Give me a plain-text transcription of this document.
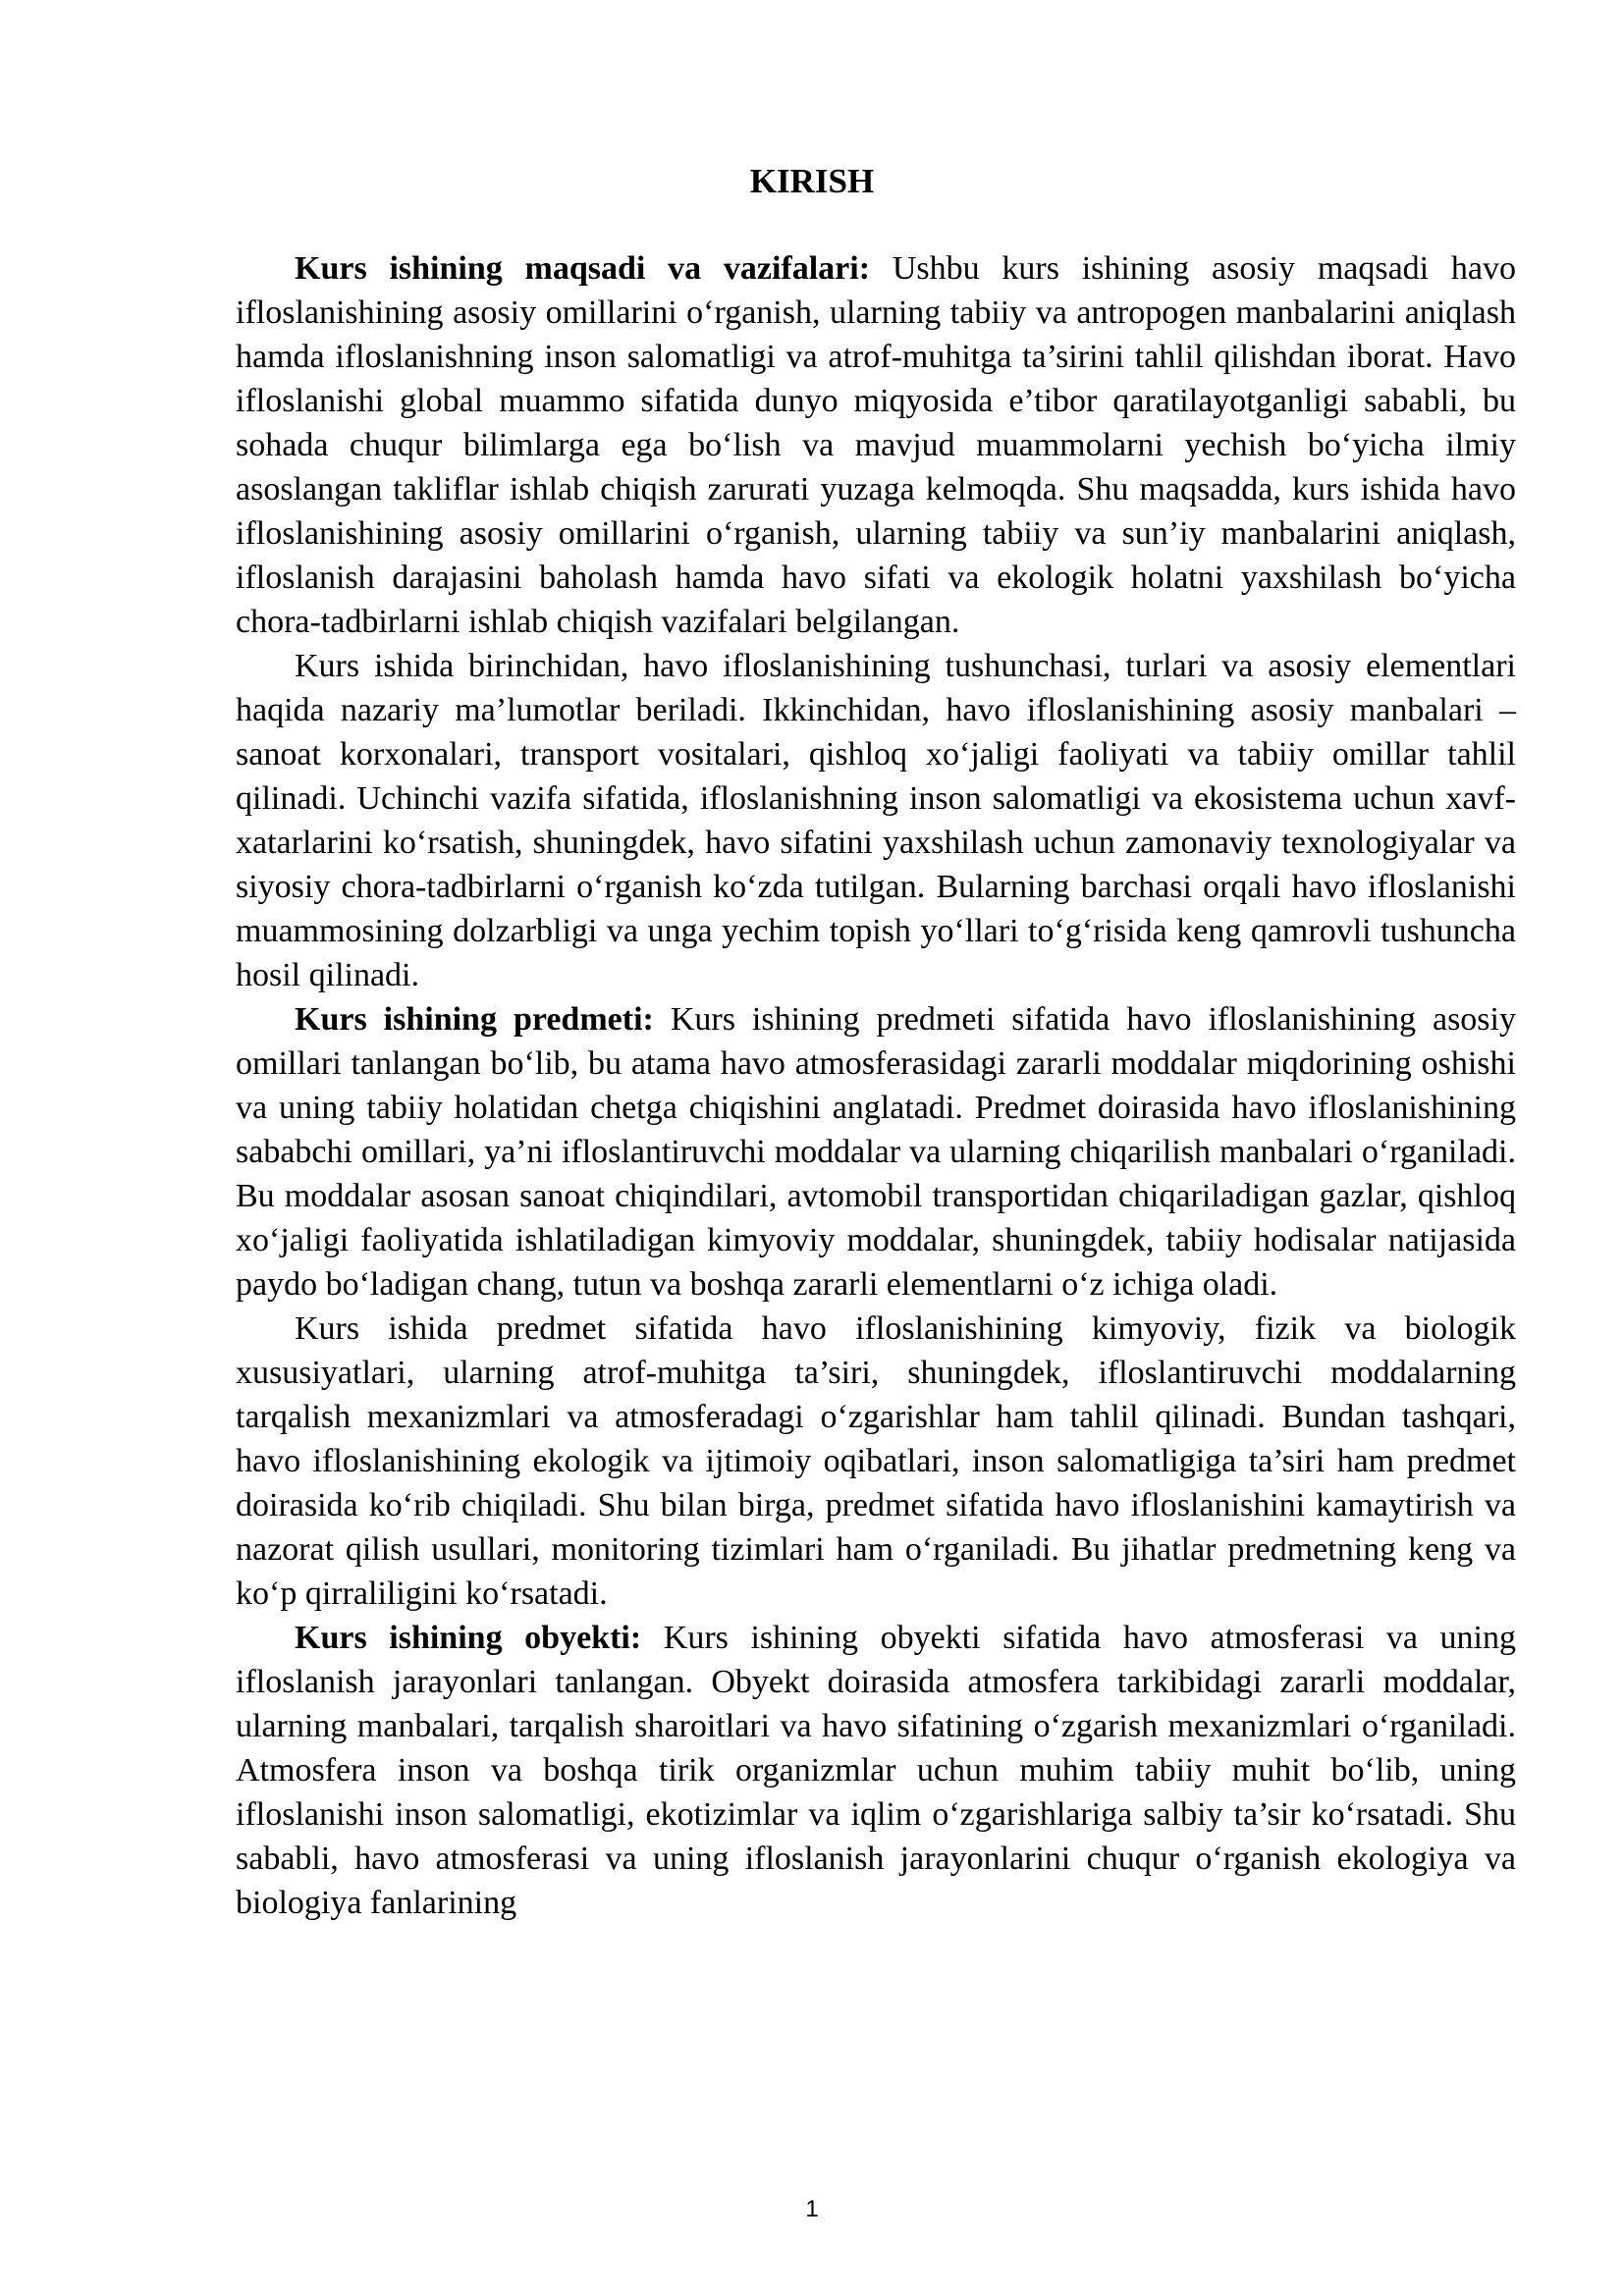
KIRISH

Kurs ishining maqsadi va vazifalari: Ushbu kurs ishining asosiy maqsadi havo ifloslanishining asosiy omillarini o‘rganish, ularning tabiiy va antropogen manbalarini aniqlash hamda ifloslanishning inson salomatligi va atrof-muhitga ta’sirini tahlil qilishdan iborat. Havo ifloslanishi global muammo sifatida dunyo miqyosida e’tibor qaratilayotganligi sababli, bu sohada chuqur bilimlarga ega bo‘lish va mavjud muammolarni yechish bo‘yicha ilmiy asoslangan takliflar ishlab chiqish zarurati yuzaga kelmoqda. Shu maqsadda, kurs ishida havo ifloslanishining asosiy omillarini o‘rganish, ularning tabiiy va sun’iy manbalarini aniqlash, ifloslanish darajasini baholash hamda havo sifati va ekologik holatni yaxshilash bo‘yicha chora-tadbirlarni ishlab chiqish vazifalari belgilangan.

Kurs ishida birinchidan, havo ifloslanishining tushunchasi, turlari va asosiy elementlari haqida nazariy ma’lumotlar beriladi. Ikkinchidan, havo ifloslanishining asosiy manbalari – sanoat korxonalari, transport vositalari, qishloq xo‘jaligi faoliyati va tabiiy omillar tahlil qilinadi. Uchinchi vazifa sifatida, ifloslanishning inson salomatligi va ekosistema uchun xavf-xatarlarini ko‘rsatish, shuningdek, havo sifatini yaxshilash uchun zamonaviy texnologiyalar va siyosiy chora-tadbirlarni o‘rganish ko‘zda tutilgan. Bularning barchasi orqali havo ifloslanishi muammosining dolzarbligi va unga yechim topish yo‘llari to‘g‘risida keng qamrovli tushuncha hosil qilinadi.

Kurs ishining predmeti: Kurs ishining predmeti sifatida havo ifloslanishining asosiy omillari tanlangan bo‘lib, bu atama havo atmosferasidagi zararli moddalar miqdorining oshishi va uning tabiiy holatidan chetga chiqishini anglatadi. Predmet doirasida havo ifloslanishining sababchi omillari, ya’ni ifloslantiruvchi moddalar va ularning chiqarilish manbalari o‘rganiladi. Bu moddalar asosan sanoat chiqindilari, avtomobil transportidan chiqariladigan gazlar, qishloq xo‘jaligi faoliyatida ishlatiladigan kimyoviy moddalar, shuningdek, tabiiy hodisalar natijasida paydo bo‘ladigan chang, tutun va boshqa zararli elementlarni o‘z ichiga oladi.

Kurs ishida predmet sifatida havo ifloslanishining kimyoviy, fizik va biologik xususiyatlari, ularning atrof-muhitga ta’siri, shuningdek, ifloslantiruvchi moddalarning tarqalish mexanizmlari va atmosferadagi o‘zgarishlar ham tahlil qilinadi. Bundan tashqari, havo ifloslanishining ekologik va ijtimoiy oqibatlari, inson salomatligiga ta’siri ham predmet doirasida ko‘rib chiqiladi. Shu bilan birga, predmet sifatida havo ifloslanishini kamaytirish va nazorat qilish usullari, monitoring tizimlari ham o‘rganiladi. Bu jihatlar predmetning keng va ko‘p qirraliligini ko‘rsatadi.

Kurs ishining obyekti: Kurs ishining obyekti sifatida havo atmosferasi va uning ifloslanish jarayonlari tanlangan. Obyekt doirasida atmosfera tarkibidagi zararli moddalar, ularning manbalari, tarqalish sharoitlari va havo sifatining o‘zgarish mexanizmlari o‘rganiladi. Atmosfera inson va boshqa tirik organizmlar uchun muhim tabiiy muhit bo‘lib, uning ifloslanishi inson salomatligi, ekotizimlar va iqlim o‘zgarishlariga salbiy ta’sir ko‘rsatadi. Shu sababli, havo atmosferasi va uning ifloslanish jarayonlarini chuqur o‘rganish ekologiya va biologiya fanlarining

1
